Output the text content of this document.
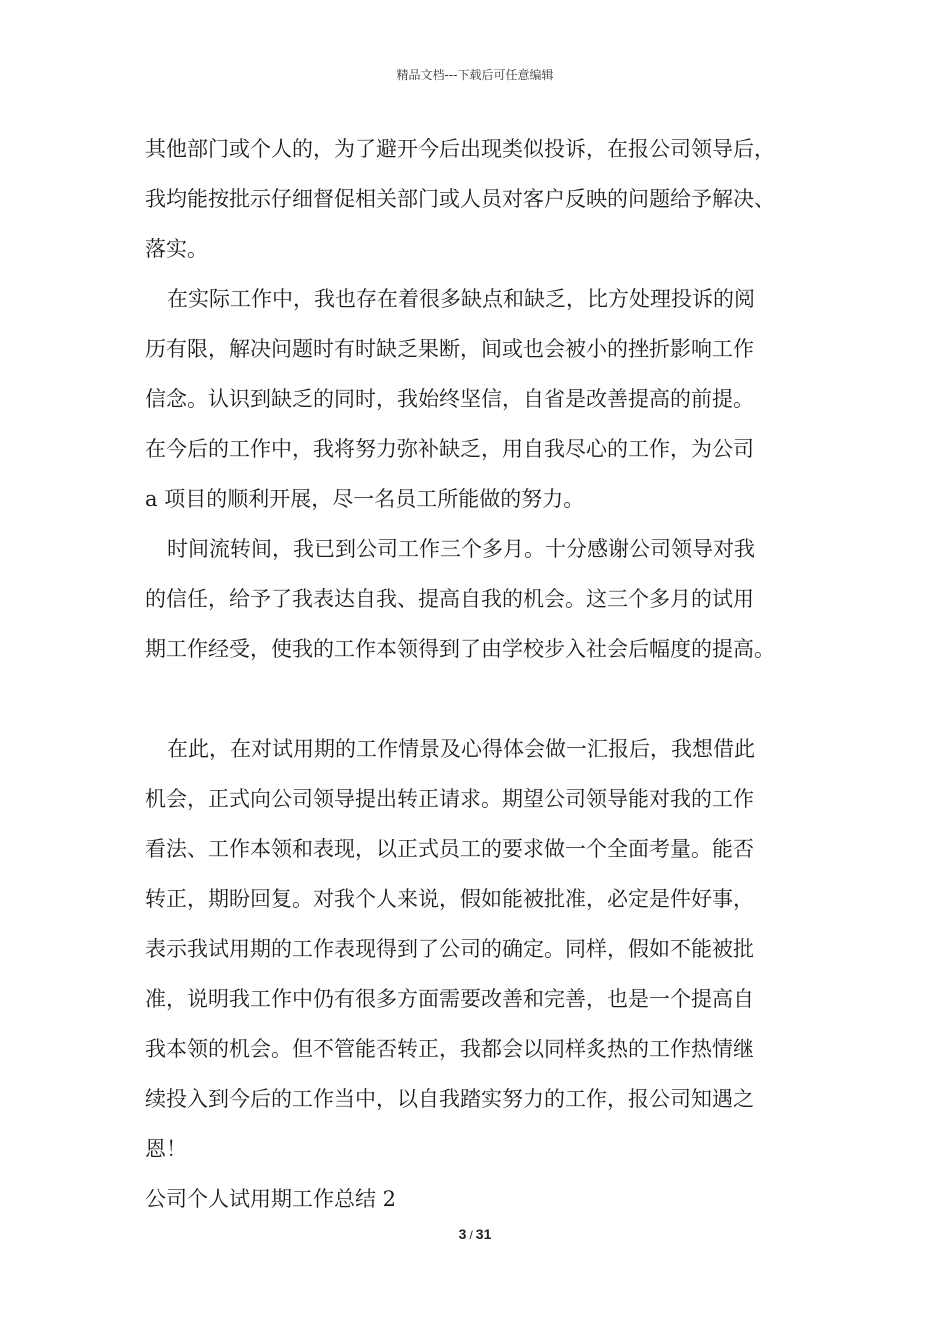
精品文档---下载后可任意编辑
其他部门或个人的，为了避开今后出现类似投诉，在报公司领导后，
我均能按批示仔细督促相关部门或人员对客户反映的问题给予解决、
落实。
在实际工作中，我也存在着很多缺点和缺乏，比方处理投诉的阅
历有限，解决问题时有时缺乏果断，间或也会被小的挫折影响工作
信念。认识到缺乏的同时，我始终坚信，自省是改善提高的前提。
在今后的工作中，我将努力弥补缺乏，用自我尽心的工作，为公司
a 项目的顺利开展，尽一名员工所能做的努力。
时间流转间，我已到公司工作三个多月。十分感谢公司领导对我
的信任，给予了我表达自我、提高自我的机会。这三个多月的试用
期工作经受，使我的工作本领得到了由学校步入社会后幅度的提高。
在此，在对试用期的工作情景及心得体会做一汇报后，我想借此
机会，正式向公司领导提出转正请求。期望公司领导能对我的工作
看法、工作本领和表现，以正式员工的要求做一个全面考量。能否
转正，期盼回复。对我个人来说，假如能被批准，必定是件好事，
表示我试用期的工作表现得到了公司的确定。同样，假如不能被批
准，说明我工作中仍有很多方面需要改善和完善，也是一个提高自
我本领的机会。但不管能否转正，我都会以同样炙热的工作热情继
续投入到今后的工作当中，以自我踏实努力的工作，报公司知遇之
恩！
公司个人试用期工作总结 2
3 / 31
